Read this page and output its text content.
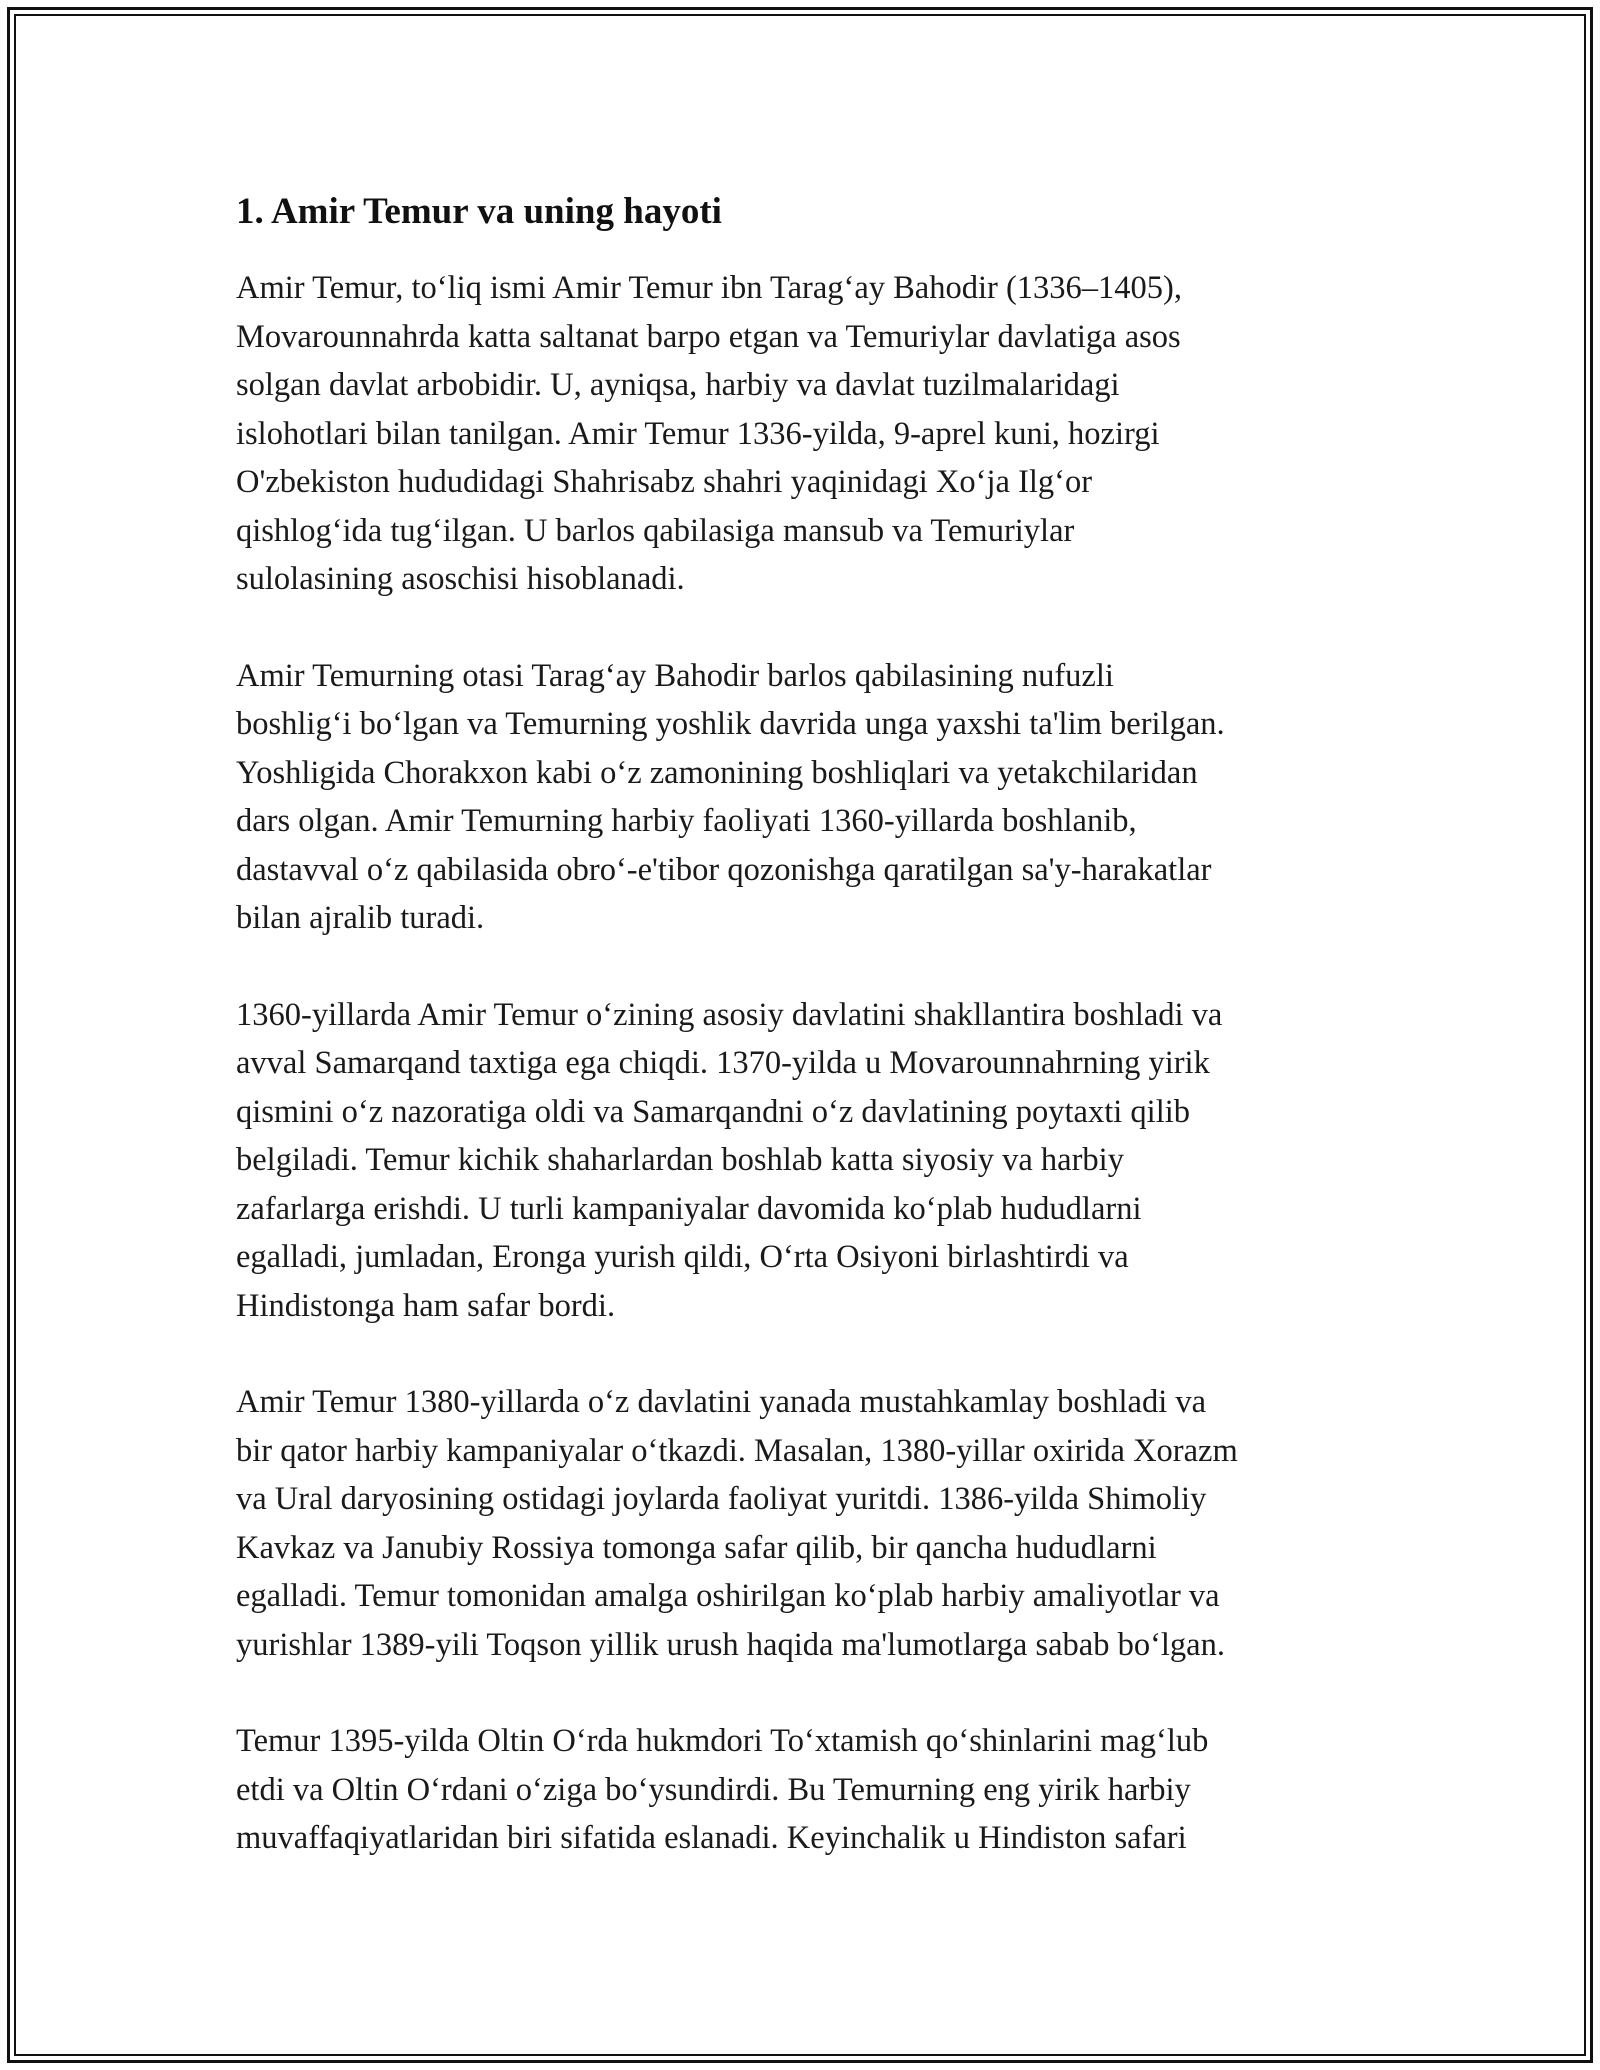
1. Amir Temur va uning hayoti

Amir Temur, to‘liq ismi Amir Temur ibn Tarag‘ay Bahodir (1336–1405),
Movarounnahrda katta saltanat barpo etgan va Temuriylar davlatiga asos
solgan davlat arbobidir. U, ayniqsa, harbiy va davlat tuzilmalaridagi
islohotlari bilan tanilgan. Amir Temur 1336-yilda, 9-aprel kuni, hozirgi
O'zbekiston hududidagi Shahrisabz shahri yaqinidagi Xo‘ja Ilg‘or
qishlog‘ida tug‘ilgan. U barlos qabilasiga mansub va Temuriylar
sulolasining asoschisi hisoblanadi.

Amir Temurning otasi Tarag‘ay Bahodir barlos qabilasining nufuzli
boshlig‘i bo‘lgan va Temurning yoshlik davrida unga yaxshi ta'lim berilgan.
Yoshligida Chorakxon kabi o‘z zamonining boshliqlari va yetakchilaridan
dars olgan. Amir Temurning harbiy faoliyati 1360-yillarda boshlanib,
dastavval o‘z qabilasida obro‘-e'tibor qozonishga qaratilgan sa'y-harakatlar
bilan ajralib turadi.

1360-yillarda Amir Temur o‘zining asosiy davlatini shakllantira boshladi va
avval Samarqand taxtiga ega chiqdi. 1370-yilda u Movarounnahrning yirik
qismini o‘z nazoratiga oldi va Samarqandni o‘z davlatining poytaxti qilib
belgiladi. Temur kichik shaharlardan boshlab katta siyosiy va harbiy
zafarlarga erishdi. U turli kampaniyalar davomida ko‘plab hududlarni
egalladi, jumladan, Eronga yurish qildi, O‘rta Osiyoni birlashtirdi va
Hindistonga ham safar bordi.

Amir Temur 1380-yillarda o‘z davlatini yanada mustahkamlay boshladi va
bir qator harbiy kampaniyalar o‘tkazdi. Masalan, 1380-yillar oxirida Xorazm
va Ural daryosining ostidagi joylarda faoliyat yuritdi. 1386-yilda Shimoliy
Kavkaz va Janubiy Rossiya tomonga safar qilib, bir qancha hududlarni
egalladi. Temur tomonidan amalga oshirilgan ko‘plab harbiy amaliyotlar va
yurishlar 1389-yili Toqson yillik urush haqida ma'lumotlarga sabab bo‘lgan.

Temur 1395-yilda Oltin O‘rda hukmdori To‘xtamish qo‘shinlarini mag‘lub
etdi va Oltin O‘rdani o‘ziga bo‘ysundirdi. Bu Temurning eng yirik harbiy
muvaffaqiyatlaridan biri sifatida eslanadi. Keyinchalik u Hindiston safari
